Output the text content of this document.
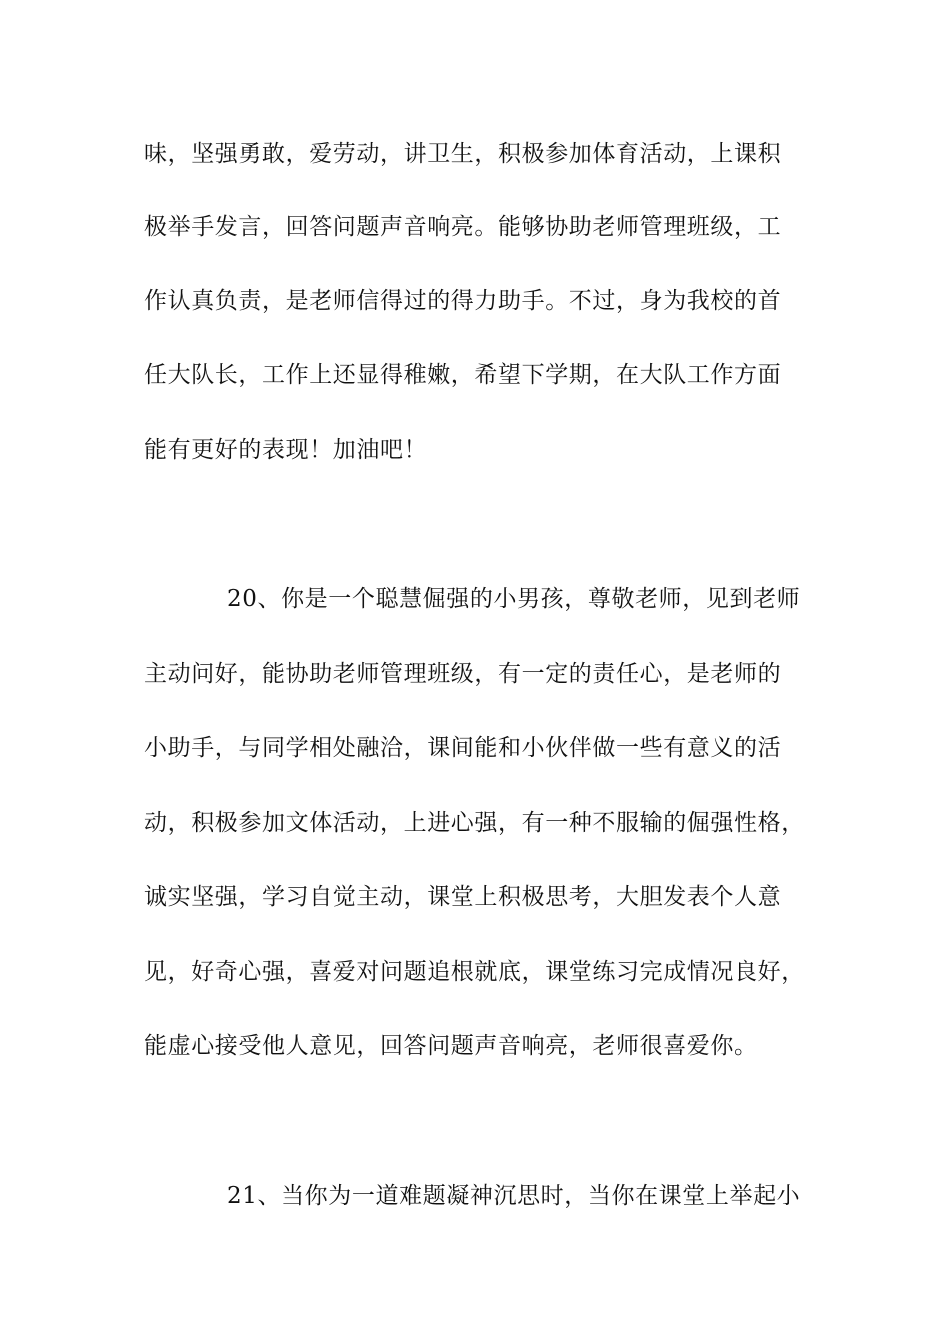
味，坚强勇敢，爱劳动，讲卫生，积极参加体育活动，上课积
极举手发言，回答问题声音响亮。能够协助老师管理班级，工
作认真负责，是老师信得过的得力助手。不过，身为我校的首
任大队长，工作上还显得稚嫩，希望下学期，在大队工作方面
能有更好的表现！加油吧！
20、你是一个聪慧倔强的小男孩，尊敬老师，见到老师
主动问好，能协助老师管理班级，有一定的责任心，是老师的
小助手，与同学相处融洽，课间能和小伙伴做一些有意义的活
动，积极参加文体活动，上进心强，有一种不服输的倔强性格，
诚实坚强，学习自觉主动，课堂上积极思考，大胆发表个人意
见，好奇心强，喜爱对问题追根就底，课堂练习完成情况良好，
能虚心接受他人意见，回答问题声音响亮，老师很喜爱你。
21、当你为一道难题凝神沉思时，当你在课堂上举起小
